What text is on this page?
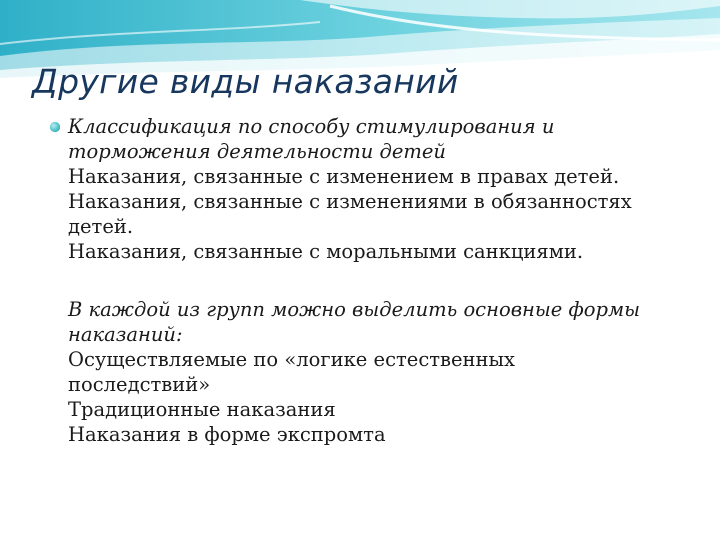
Другие виды наказаний
Классификация по способу стимулирования и
торможения деятельности детей
Наказания, связанные с изменением в правах детей.
Наказания, связанные с изменениями в обязанностях
детей.
Наказания, связанные с моральными санкциями.
В каждой из групп можно выделить основные формы
наказаний:
Осуществляемые по «логике естественных
последствий»
Традиционные наказания
Наказания в форме экспромта
